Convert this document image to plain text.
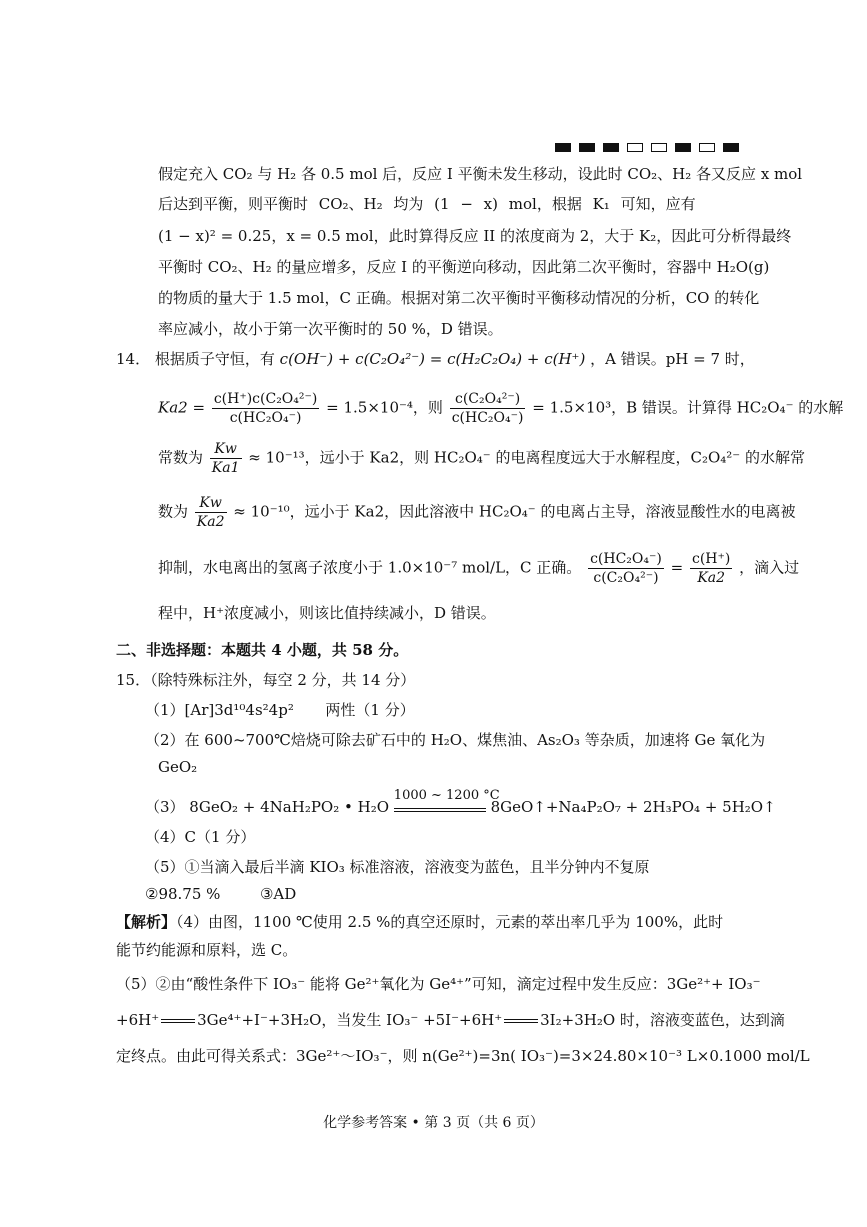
假定充入 CO₂ 与 H₂ 各 0.5 mol 后，反应 I 平衡未发生移动，设此时 CO₂、H₂ 各又反应 x mol
后达到平衡，则平衡时 CO₂、H₂ 均为 (1 − x) mol，根据 K₁ 可知，应有
(1 − x)² = 0.25，x = 0.5 mol，此时算得反应 II 的浓度商为 2，大于 K₂，因此可分析得最终
平衡时 CO₂、H₂ 的量应增多，反应 I 的平衡逆向移动，因此第二次平衡时，容器中 H₂O(g)
的物质的量大于 1.5 mol，C 正确。根据对第二次平衡时平衡移动情况的分析，CO 的转化
率应减小，故小于第一次平衡时的 50 %，D 错误。
14． 根据质子守恒，有 c(OH⁻) + c(C₂O₄²⁻) = c(H₂C₂O₄) + c(H⁺) ，A 错误。pH = 7 时，
$Ka2 = \frac{\text{c(H⁺)c(C₂O₄²⁻)}}{\text{c(HC₂O₄⁻)}} = 1.5\times 10^{-4}$，则 $\frac{\text{c(C₂O₄²⁻)}}{\text{c(HC₂O₄⁻)}} = 1.5\times 10^3$，B 错误。计算得 HC₂O₄⁻ 的水解
常数为 $\frac{Kw}{Ka1} \approx 10^{-13}$，远小于 Ka2，则 HC₂O₄⁻ 的电离程度远大于水解程度，C₂O₄²⁻ 的水解常
数为 $\frac{Kw}{Ka2} \approx 10^{-10}$，远小于 Ka2，因此溶液中 HC₂O₄⁻ 的电离占主导，溶液显酸性水的电离被
抑制，水电离出的氢离子浓度小于 1.0×10⁻⁷ mol/L，C 正确。 $\frac{\text{c(HC₂O₄⁻)}}{\text{c(C₂O₄²⁻)}} = \frac{c(H^+)}{Ka2}$ ，滴入过
程中，H⁺浓度减小，则该比值持续减小，D 错误。
二、非选择题：本题共 4 小题，共 58 分。
15．（除特殊标注外，每空 2 分，共 14 分）
（1）[Ar]3d¹⁰4s²4p² 两性（1 分）
（2）在 600~700℃焙烧可除去矿石中的 H₂O、煤焦油、As₂O₃ 等杂质，加速将 Ge 氧化为
GeO₂
（3） 8GeO₂ + 4NaH₂PO₂ • H₂O
1000 ~ 1200 °C
8GeO↑+Na₄P₂O₇ + 2H₃PO₄ + 5H₂O↑
（4）C（1 分）
（5）①当滴入最后半滴 KIO₃ 标准溶液，溶液变为蓝色，且半分钟内不复原
②98.75 %	③AD
【解析】（4）由图，1100 ℃使用 2.5 %的真空还原时，元素的萃出率几乎为 100%，此时
能节约能源和原料，选 C。
（5）②由“酸性条件下 IO₃⁻ 能将 Ge²⁺氧化为 Ge⁴⁺”可知，滴定过程中发生反应：3Ge²⁺+ IO₃⁻
+6H⁺	3Ge⁴⁺+I⁻+3H₂O，当发生 IO₃⁻ +5I⁻+6H⁺	3I₂+3H₂O 时，溶液变蓝色，达到滴
定终点。由此可得关系式：3Ge²⁺～IO₃⁻，则 n(Ge²⁺)=3n( IO₃⁻)=3×24.80×10⁻³ L×0.1000 mol/L
化学参考答案 • 第 3 页（共 6 页）
